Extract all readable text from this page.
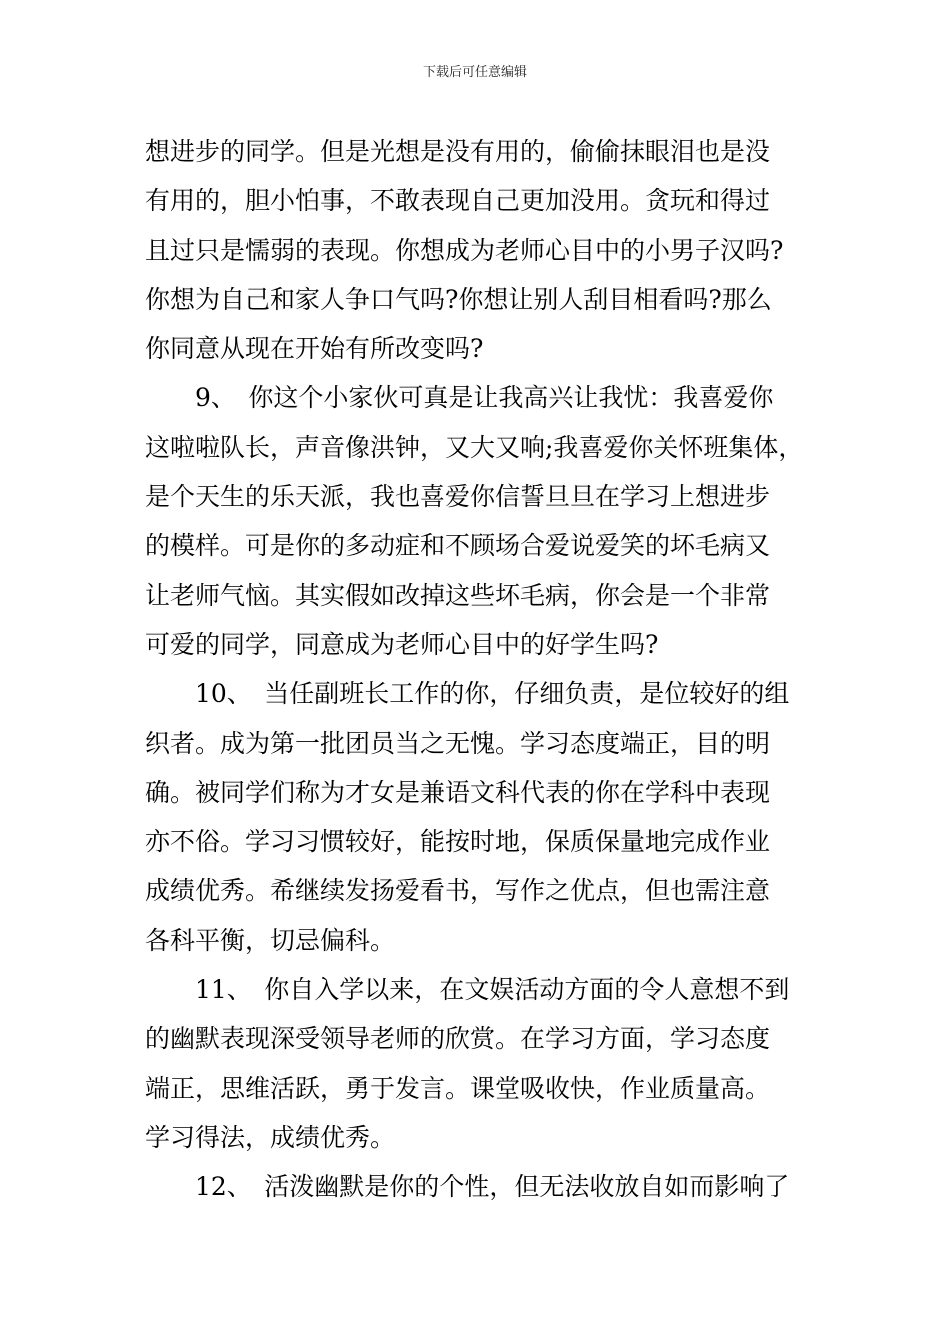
下载后可任意编辑
想进步的同学。但是光想是没有用的，偷偷抹眼泪也是没
有用的，胆小怕事，不敢表现自己更加没用。贪玩和得过
且过只是懦弱的表现。你想成为老师心目中的小男子汉吗?
你想为自己和家人争口气吗?你想让别人刮目相看吗?那么
你同意从现在开始有所改变吗?
　　9、　你这个小家伙可真是让我高兴让我忧：我喜爱你
这啦啦队长，声音像洪钟，又大又响;我喜爱你关怀班集体，
是个天生的乐天派，我也喜爱你信誓旦旦在学习上想进步
的模样。可是你的多动症和不顾场合爱说爱笑的坏毛病又
让老师气恼。其实假如改掉这些坏毛病，你会是一个非常
可爱的同学，同意成为老师心目中的好学生吗?
　　10、　当任副班长工作的你，仔细负责，是位较好的组
织者。成为第一批团员当之无愧。学习态度端正，目的明
确。被同学们称为才女是兼语文科代表的你在学科中表现
亦不俗。学习习惯较好，能按时地，保质保量地完成作业
成绩优秀。希继续发扬爱看书，写作之优点，但也需注意
各科平衡，切忌偏科。
　　11、　你自入学以来，在文娱活动方面的令人意想不到
的幽默表现深受领导老师的欣赏。在学习方面，学习态度
端正，思维活跃，勇于发言。课堂吸收快，作业质量高。
学习得法，成绩优秀。
　　12、　活泼幽默是你的个性，但无法收放自如而影响了
